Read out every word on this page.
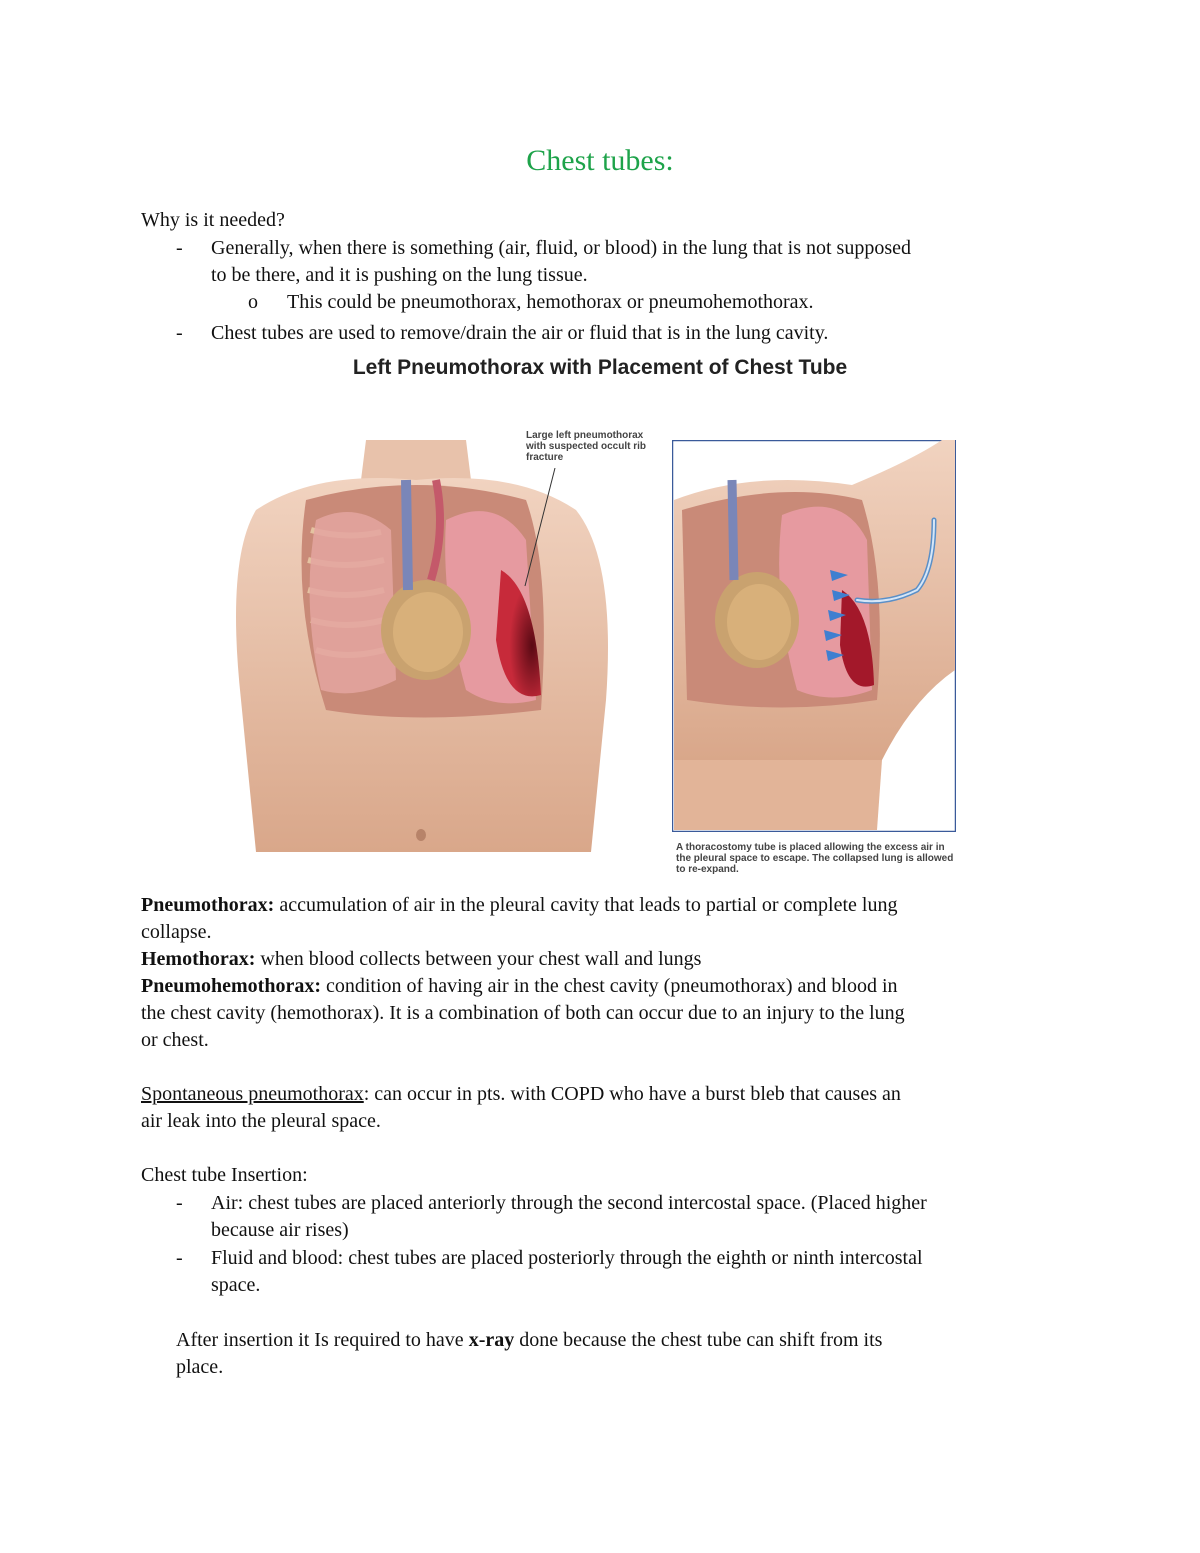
Chest tubes:
Why is it needed?
- Generally, when there is something (air, fluid, or blood) in the lung that is not supposed
to be there, and it is pushing on the lung tissue.
o This could be pneumothorax, hemothorax or pneumohemothorax.
- Chest tubes are used to remove/drain the air or fluid that is in the lung cavity.
Left Pneumothorax with Placement of Chest Tube
Large left pneumothorax with suspected occult rib fracture
A thoracostomy tube is placed allowing the excess air in the pleural space to escape. The collapsed lung is allowed to re-expand.
Pneumothorax: accumulation of air in the pleural cavity that leads to partial or complete lung
collapse.
Hemothorax: when blood collects between your chest wall and lungs
Pneumohemothorax: condition of having air in the chest cavity (pneumothorax) and blood in
the chest cavity (hemothorax). It is a combination of both can occur due to an injury to the lung
or chest.
Spontaneous pneumothorax: can occur in pts. with COPD who have a burst bleb that causes an
air leak into the pleural space.
Chest tube Insertion:
- Air: chest tubes are placed anteriorly through the second intercostal space. (Placed higher
because air rises)
- Fluid and blood: chest tubes are placed posteriorly through the eighth or ninth intercostal
space.
After insertion it Is required to have x-ray done because the chest tube can shift from its
place.
